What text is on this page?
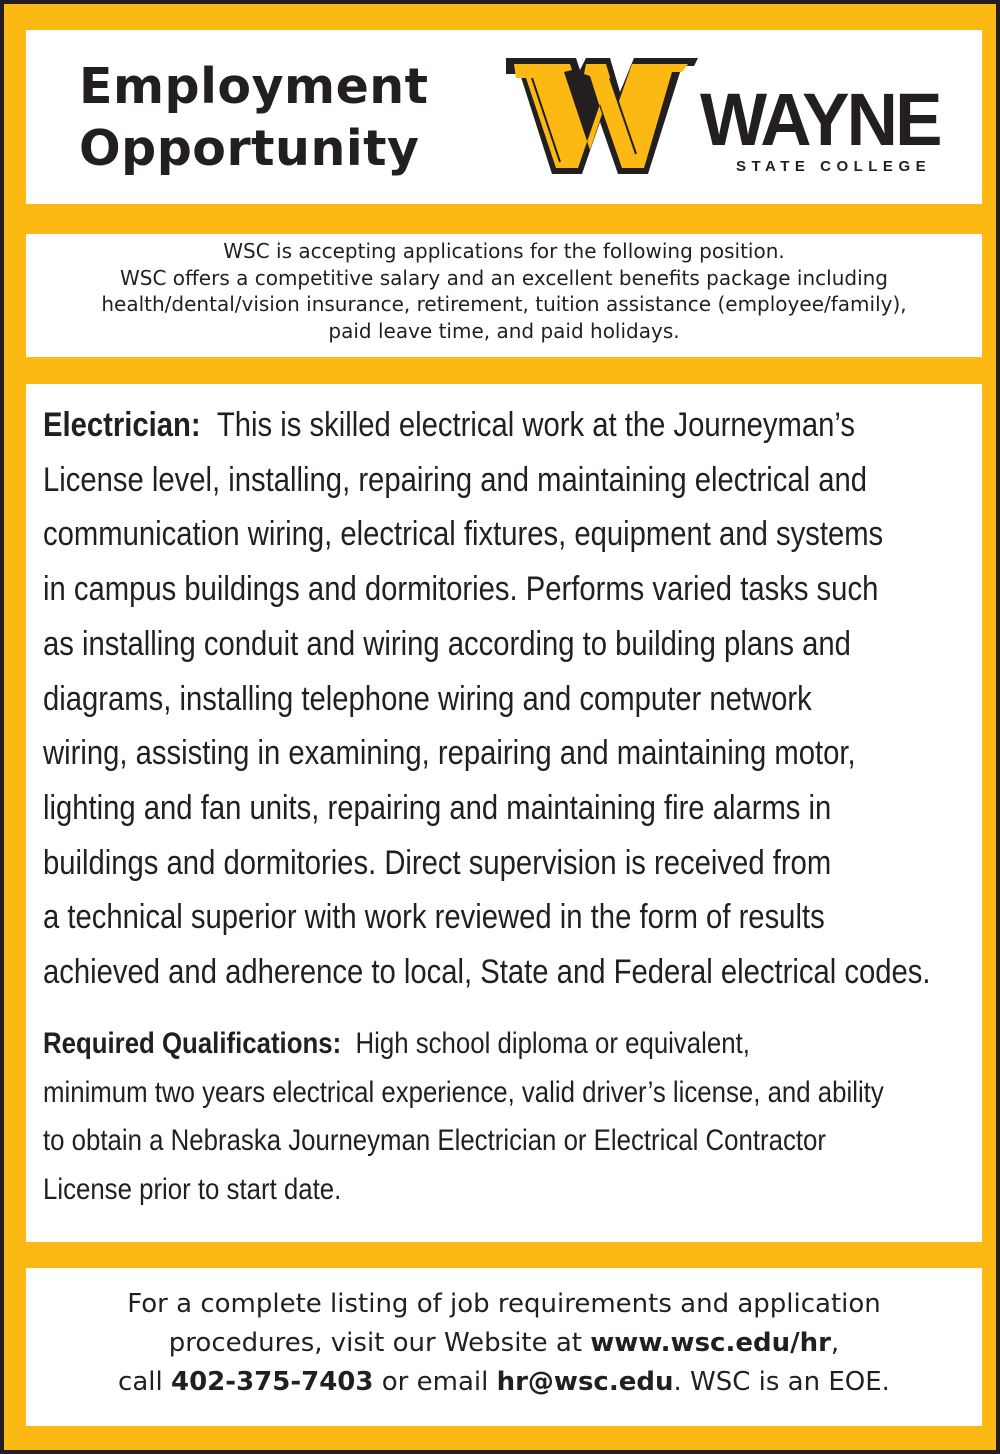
Employment
Opportunity	WAYNE
STATE COLLEGE
WSC is accepting applications for the following position.
WSC offers a competitive salary and an excellent benefits package including
health/dental/vision insurance, retirement, tuition assistance (employee/family),
paid leave time, and paid holidays.
Electrician: This is skilled electrical work at the Journeyman’s
License level, installing, repairing and maintaining electrical and
communication wiring, electrical fixtures, equipment and systems
in campus buildings and dormitories. Performs varied tasks such
as installing conduit and wiring according to building plans and
diagrams, installing telephone wiring and computer network
wiring, assisting in examining, repairing and maintaining motor,
lighting and fan units, repairing and maintaining fire alarms in
buildings and dormitories. Direct supervision is received from
a technical superior with work reviewed in the form of results
achieved and adherence to local, State and Federal electrical codes.
Required Qualifications: High school diploma or equivalent,
minimum two years electrical experience, valid driver’s license, and ability
to obtain a Nebraska Journeyman Electrician or Electrical Contractor
License prior to start date.
For a complete listing of job requirements and application
procedures, visit our Website at www.wsc.edu/hr,
call 402-375-7403 or email hr@wsc.edu. WSC is an EOE.
